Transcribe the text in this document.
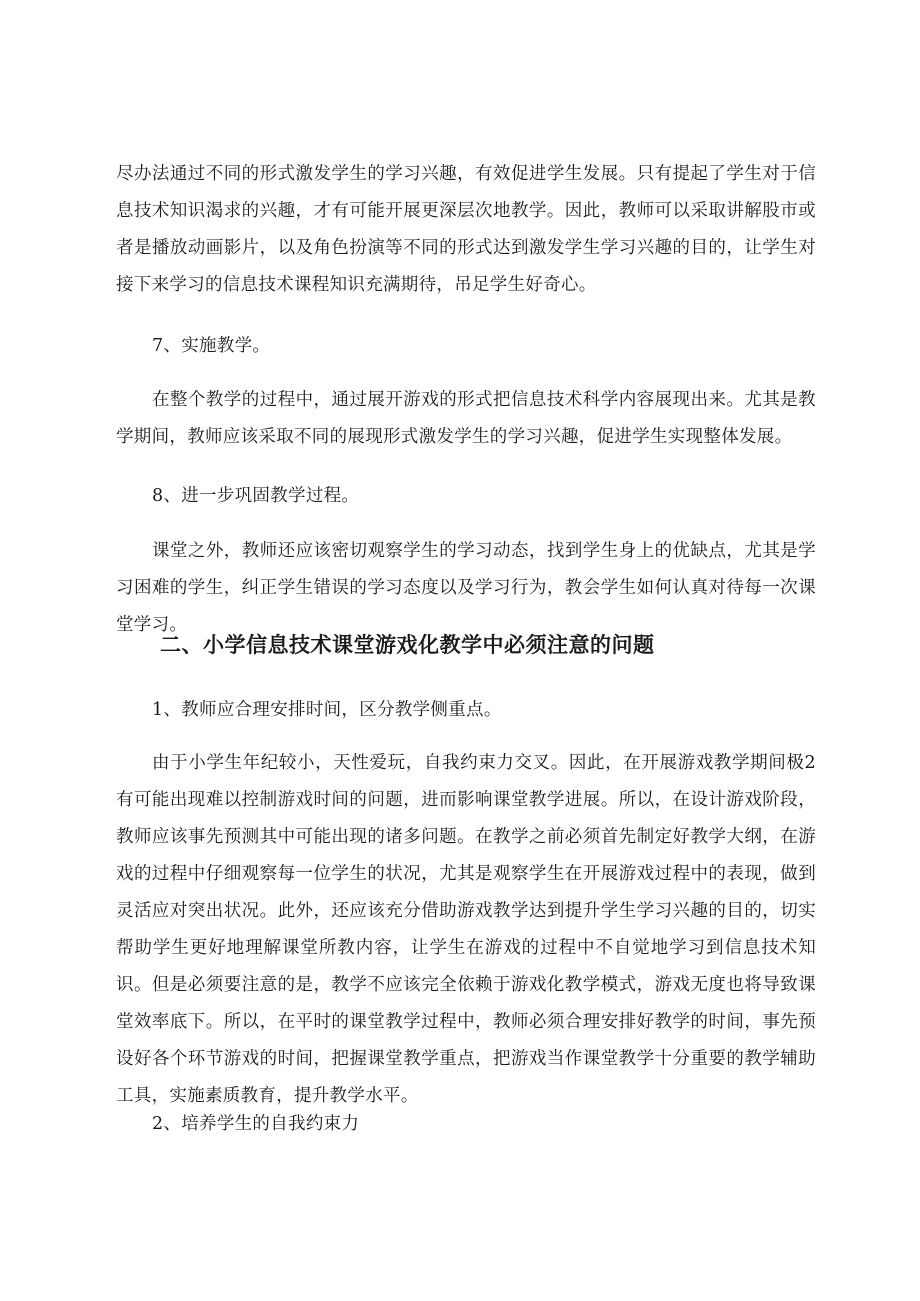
尽办法通过不同的形式激发学生的学习兴趣，有效促进学生发展。只有提起了学生对于信息技术知识渴求的兴趣，才有可能开展更深层次地教学。因此，教师可以采取讲解股市或者是播放动画影片，以及角色扮演等不同的形式达到激发学生学习兴趣的目的，让学生对接下来学习的信息技术课程知识充满期待，吊足学生好奇心。

7、实施教学。

在整个教学的过程中，通过展开游戏的形式把信息技术科学内容展现出来。尤其是教学期间，教师应该采取不同的展现形式激发学生的学习兴趣，促进学生实现整体发展。

8、进一步巩固教学过程。

课堂之外，教师还应该密切观察学生的学习动态，找到学生身上的优缺点，尤其是学习困难的学生，纠正学生错误的学习态度以及学习行为，教会学生如何认真对待每一次课堂学习。

二、小学信息技术课堂游戏化教学中必须注意的问题

1、教师应合理安排时间，区分教学侧重点。

由于小学生年纪较小，天性爱玩，自我约束力交叉。因此，在开展游戏教学期间极2有可能出现难以控制游戏时间的问题，进而影响课堂教学进展。所以，在设计游戏阶段，教师应该事先预测其中可能出现的诸多问题。在教学之前必须首先制定好教学大纲，在游戏的过程中仔细观察每一位学生的状况，尤其是观察学生在开展游戏过程中的表现，做到灵活应对突出状况。此外，还应该充分借助游戏教学达到提升学生学习兴趣的目的，切实帮助学生更好地理解课堂所教内容，让学生在游戏的过程中不自觉地学习到信息技术知识。但是必须要注意的是，教学不应该完全依赖于游戏化教学模式，游戏无度也将导致课堂效率底下。所以，在平时的课堂教学过程中，教师必须合理安排好教学的时间，事先预设好各个环节游戏的时间，把握课堂教学重点，把游戏当作课堂教学十分重要的教学辅助工具，实施素质教育，提升教学水平。

2、培养学生的自我约束力
